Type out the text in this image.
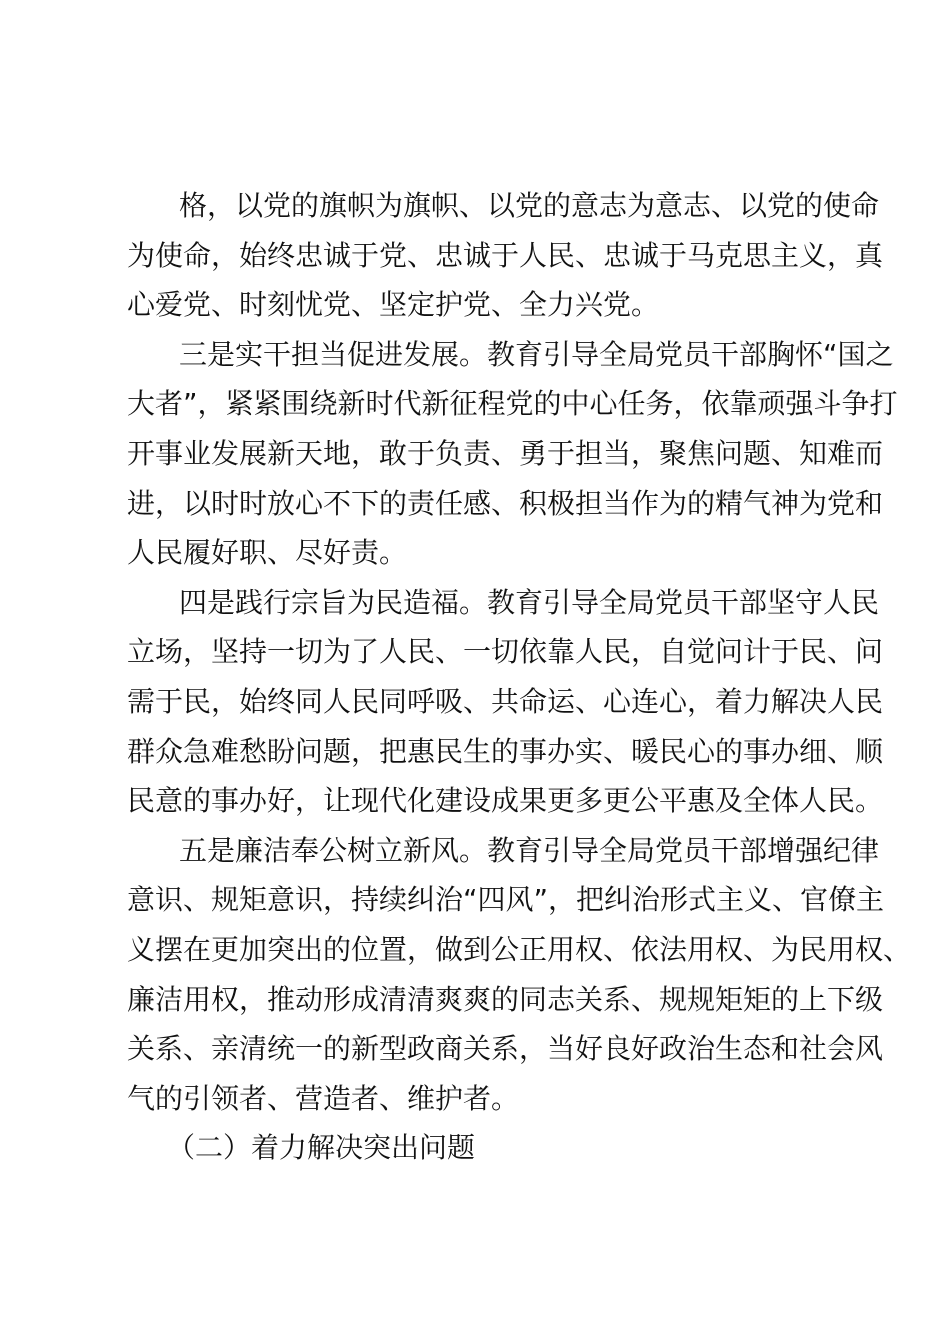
格，以党的旗帜为旗帜、以党的意志为意志、以党的使命
为使命，始终忠诚于党、忠诚于人民、忠诚于马克思主义，真
心爱党、时刻忧党、坚定护党、全力兴党。

三是实干担当促进发展。教育引导全局党员干部胸怀“国之
大者”，紧紧围绕新时代新征程党的中心任务，依靠顽强斗争打
开事业发展新天地，敢于负责、勇于担当，聚焦问题、知难而
进，以时时放心不下的责任感、积极担当作为的精气神为党和
人民履好职、尽好责。

四是践行宗旨为民造福。教育引导全局党员干部坚守人民
立场，坚持一切为了人民、一切依靠人民，自觉问计于民、问
需于民，始终同人民同呼吸、共命运、心连心，着力解决人民
群众急难愁盼问题，把惠民生的事办实、暖民心的事办细、顺
民意的事办好，让现代化建设成果更多更公平惠及全体人民。

五是廉洁奉公树立新风。教育引导全局党员干部增强纪律
意识、规矩意识，持续纠治“四风”，把纠治形式主义、官僚主
义摆在更加突出的位置，做到公正用权、依法用权、为民用权、
廉洁用权，推动形成清清爽爽的同志关系、规规矩矩的上下级
关系、亲清统一的新型政商关系，当好良好政治生态和社会风
气的引领者、营造者、维护者。

（二）着力解决突出问题
